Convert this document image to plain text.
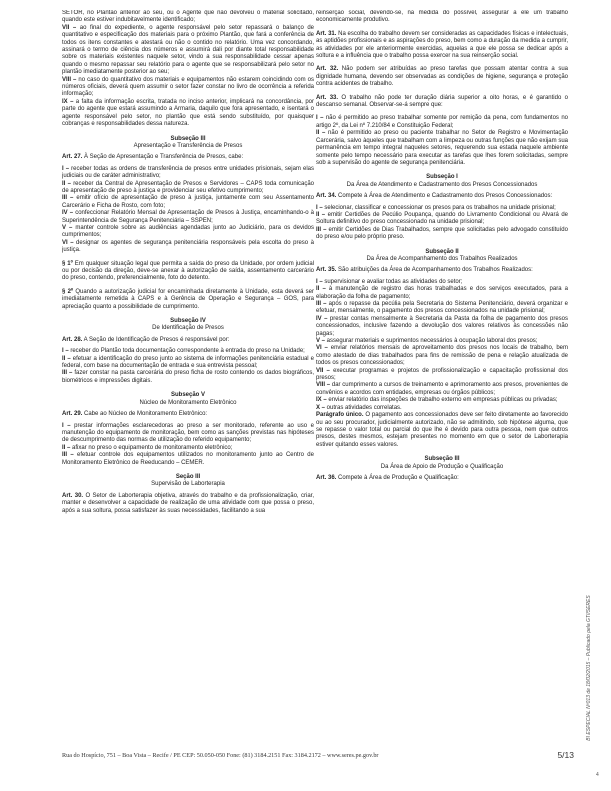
SETOR, no Plantão anterior ao seu, ou o Agente que não devolveu o material solicitado, quando este estiver indubitavelmente identificado;

VII – ao final do expediente, o agente responsável pelo setor repassará o balanço de quantitativo e especificação dos materiais para o próximo Plantão, que fará a conferência de todos os itens constantes e atestará ou não o contido no relatório. Uma vez concordando, assinará o termo de ciência dos números e assumirá dali por diante total responsabilidade sobre os materiais existentes naquele setor, vindo a sua responsabilidade cessar apenas quando o mesmo repassar seu relatório para o agente que se responsabilizará pelo setor no plantão imediatamente posterior ao seu;

VIII – no caso do quantitativo dos materiais e equipamentos não estarem coincidindo com os números oficiais, deverá quem assumir o setor fazer constar no livro de ocorrência a referida informação;

IX – a falta da informação escrita, tratada no inciso anterior, implicará na concordância, por parte do agente que estará assumindo a Armaria, daquilo que fora apresentado, e isentará o agente responsável pelo setor, no plantão que está sendo substituído, por quaisquer cobranças e responsabilidades dessa natureza.

Subseção III
Apresentação e Transferência de Presos

Art. 27. À Seção de Apresentação e Transferência de Presos, cabe:

I – receber todas as ordens de transferência de presos entre unidades prisionais, sejam elas judiciais ou de caráter administrativo;

II – receber da Central de Apresentação de Presos e Servidores – CAPS toda comunicação de apresentação de preso à justiça e providenciar seu efetivo cumprimento;

III – emitir ofício de apresentação de preso à justiça, juntamente com seu Assentamento Carcerário e Ficha de Rosto, com foto;

IV – confeccionar Relatório Mensal de Apresentação de Presos à Justiça, encaminhando-o à Superintendência de Segurança Penitenciária – SSPEN;

V – manter controle sobre as audiências agendadas junto ao Judiciário, para os devidos cumprimentos;

VI – designar os agentes de segurança penitenciária responsáveis pela escolta do preso à justiça.

§ 1º Em qualquer situação legal que permita a saída do preso da Unidade, por ordem judicial ou por decisão da direção, deve-se anexar à autorização de saída, assentamento carcerário do preso, contendo, preferencialmente, foto do detento.

§ 2º Quando a autorização judicial for encaminhada diretamente à Unidade, esta deverá ser imediatamente remetida à CAPS e à Gerência de Operação e Segurança – GOS, para apreciação quanto a possibilidade de cumprimento.

Subseção IV
De Identificação de Presos

Art. 28. A Seção de Identificação de Presos é responsável por:

I – receber do Plantão toda documentação correspondente à entrada do preso na Unidade;

II – efetuar a identificação do preso junto ao sistema de informações penitenciária estadual e federal, com base na documentação de entrada e sua entrevista pessoal;

III – fazer constar na pasta carcerária do preso ficha de rosto contendo os dados biográficos, biométricos e impressões digitais.

Subseção V
Núcleo de Monitoramento Eletrônico

Art. 29. Cabe ao Núcleo de Monitoramento Eletrônico:

I – prestar informações esclarecedoras ao preso a ser monitorado, referente ao uso e manutenção do equipamento de monitoração, bem como as sanções previstas nas hipóteses de descumprimento das normas de utilização do referido equipamento;

II – afixar no preso o equipamento de monitoramento eletrônico;

III – efetuar controle dos equipamentos utilizados no monitoramento junto ao Centro de Monitoramento Eletrônico de Reeducando – CEMER.

Seção III
Supervisão de Laborterapia

Art. 30. O Setor de Laborterapia objetiva, através do trabalho e da profissionalização, criar, manter e desenvolver a capacidade de realização de uma atividade com que possa o preso, após a sua soltura, possa satisfazer às suas necessidades, facilitando a sua

reinserção social, devendo-se, na medida do possível, assegurar a ele um trabalho economicamente produtivo.

Art. 31. Na escolha do trabalho devem ser consideradas as capacidades físicas e intelectuais, as aptidões profissionais e as aspirações do preso, bem como a duração da medida a cumprir, as atividades por ele anteriormente exercidas, aquelas a que ele possa se dedicar após a soltura e a influência que o trabalho possa exercer na sua reinserção social.

Art. 32. Não podem ser atribuídas ao preso tarefas que possam atentar contra a sua dignidade humana, devendo ser observadas as condições de higiene, segurança e proteção contra acidentes de trabalho.

Art. 33. O trabalho não pode ter duração diária superior a oito horas, e é garantido o descanso semanal. Observar-se-á sempre que:

I – não é permitido ao preso trabalhar somente por remição da pena, com fundamentos no artigo 2º, da Lei nº 7.210/84 e Constituição Federal;

II – não é permitido ao preso ou paciente trabalhar no Setor de Registro e Movimentação Carcerária, salvo àqueles que trabalham com a limpeza ou outras funções que não exijam sua permanência em tempo integral naqueles setores, requerendo sua estada naquele ambiente somente pelo tempo necessário para executar as tarefas que lhes forem solicitadas, sempre sob a supervisão do agente de segurança penitenciária.

Subseção I
Da Área de Atendimento e Cadastramento dos Presos Concessionados

Art. 34. Compete à Área de Atendimento e Cadastramento dos Presos Concessionados:

I – selecionar, classificar e concessionar os presos para os trabalhos na unidade prisional;

II – emitir Certidões de Pecúlio Poupança, quando do Livramento Condicional ou Alvará de Soltura definitivo do preso concessionado na unidade prisional;

III – emitir Certidões de Dias Trabalhados, sempre que solicitadas pelo advogado constituído do preso e/ou pelo próprio preso.

Subseção II
Da Área de Acompanhamento dos Trabalhos Realizados

Art. 35. São atribuições da Área de Acompanhamento dos Trabalhos Realizados:

I – supervisionar e avaliar todas as atividades do setor;

II – à manutenção de registro das horas trabalhadas e dos serviços executados, para a elaboração da folha de pagamento;

III – após o repasse da pecúlia pela Secretaria do Sistema Penitenciário, deverá organizar e efetuar, mensalmente, o pagamento dos presos concessionados na unidade prisional;

IV – prestar contas mensalmente à Secretaria da Pasta da folha de pagamento dos presos concessionados, inclusive fazendo a devolução dos valores relativos às concessões não pagas;

V – assegurar materiais e suprimentos necessários à ocupação laboral dos presos;

VI – enviar relatórios mensais de aproveitamento dos presos nos locais de trabalho, bem como atestado de dias trabalhados para fins de remissão de pena e relação atualizada de todos os presos concessionados;

VII – executar programas e projetos de profissionalização e capacitação profissional dos presos;

VIII – dar cumprimento a cursos de treinamento e aprimoramento aos presos, provenientes de convênios e acordos com entidades, empresas ou órgãos públicos;

IX – enviar relatório das inspeções de trabalho externo em empresas públicas ou privadas;

X – outras atividades correlatas.

Parágrafo único. O pagamento aos concessionados deve ser feito diretamente ao favorecido ou ao seu procurador, judicialmente autorizado, não se admitindo, sob hipótese alguma, que se repasse o valor total ou parcial do que lhe é devido para outra pessoa, nem que outros presos, destes mesmos, estejam presentes no momento em que o setor de Laborterapia estiver quitando esses valores.

Subseção III
Da Área de Apoio de Produção e Qualificação

Art. 36. Compete à Área de Produção e Qualificação:

Rua do Hospício, 751 – Boa Vista – Recife / PE CEP: 50.050-050 Fone: (81) 3184.2151 Fax: 3184.2172 – www.seres.pe.gov.br	5/13
BI ESPECIAL Nº013 de 18/02/2015 – Publicado pela GTI/SERES
4
